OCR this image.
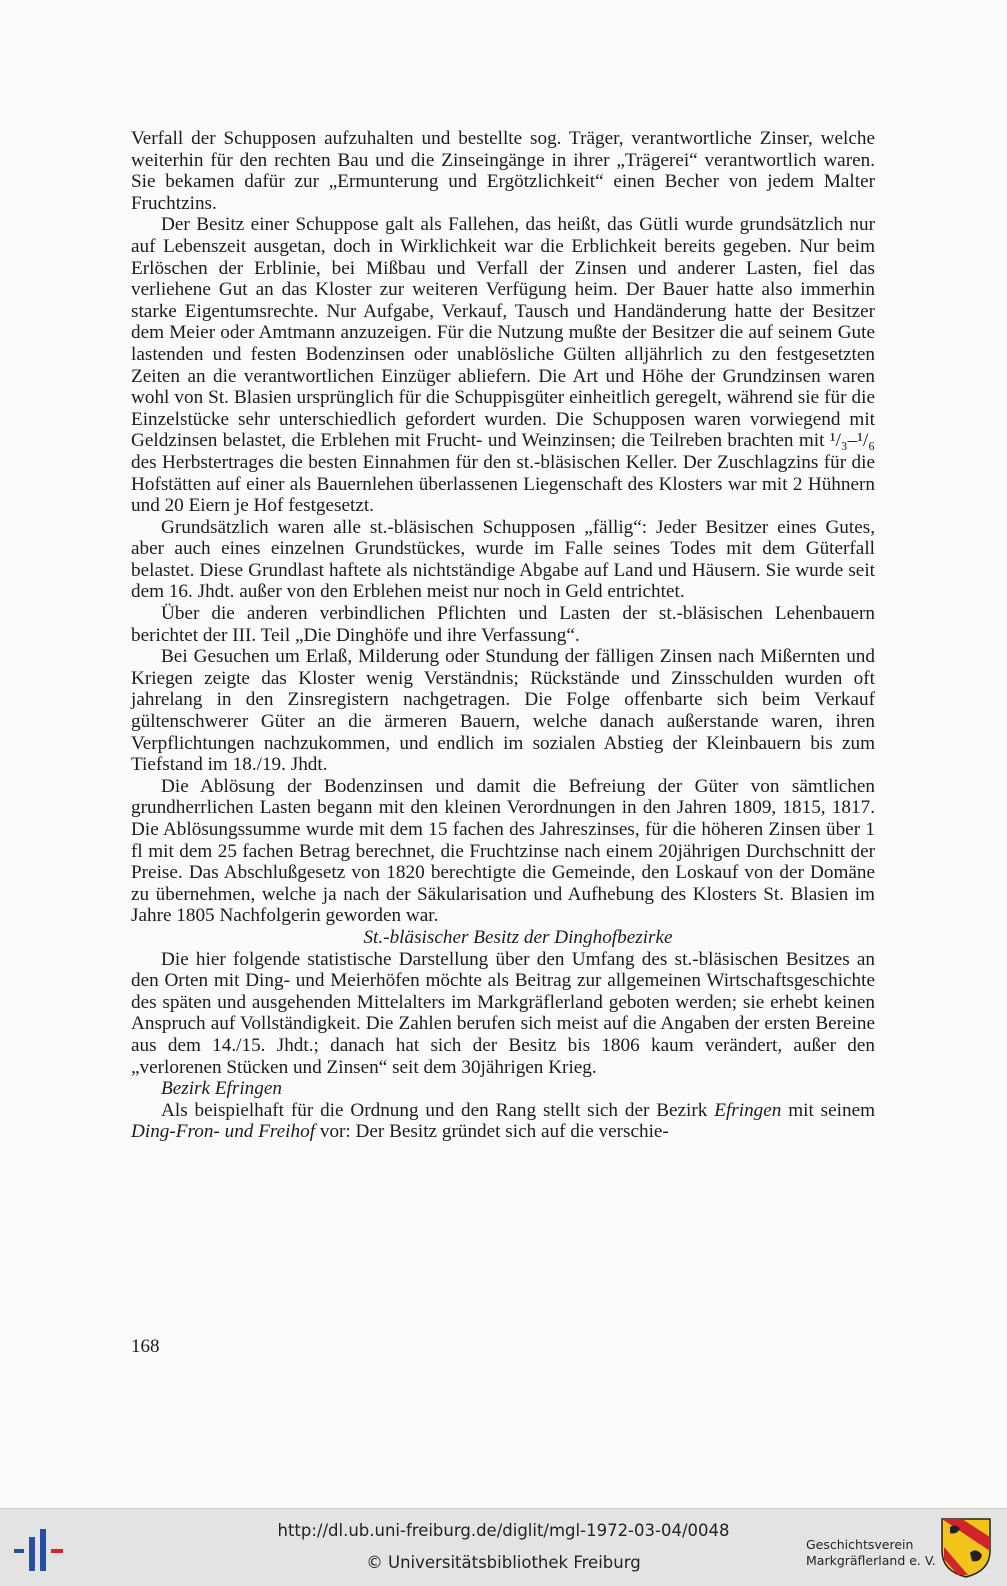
Verfall der Schupposen aufzuhalten und bestellte sog. Träger, verantwortliche Zinser, welche weiterhin für den rechten Bau und die Zinseingänge in ihrer „Trägerei“ verantwortlich waren. Sie bekamen dafür zur „Ermunterung und Ergötzlichkeit“ einen Becher von jedem Malter Fruchtzins.

Der Besitz einer Schuppose galt als Fallehen, das heißt, das Gütli wurde grundsätzlich nur auf Lebenszeit ausgetan, doch in Wirklichkeit war die Erblichkeit bereits gegeben. Nur beim Erlöschen der Erblinie, bei Mißbau und Verfall der Zinsen und anderer Lasten, fiel das verliehene Gut an das Kloster zur weiteren Verfügung heim. Der Bauer hatte also immerhin starke Eigentumsrechte. Nur Aufgabe, Verkauf, Tausch und Handänderung hatte der Besitzer dem Meier oder Amtmann anzuzeigen. Für die Nutzung mußte der Besitzer die auf seinem Gute lastenden und festen Bodenzinsen oder unablösliche Gülten alljährlich zu den festgesetzten Zeiten an die verantwortlichen Einzüger abliefern. Die Art und Höhe der Grundzinsen waren wohl von St. Blasien ursprünglich für die Schuppisgüter einheitlich geregelt, während sie für die Einzelstücke sehr unterschiedlich gefordert wurden. Die Schupposen waren vorwiegend mit Geldzinsen belastet, die Erblehen mit Frucht- und Weinzinsen; die Teilreben brachten mit ¹/₃–¹/₆ des Herbstertrages die besten Einnahmen für den st.-bläsischen Keller. Der Zuschlagzins für die Hofstätten auf einer als Bauernlehen überlassenen Liegenschaft des Klosters war mit 2 Hühnern und 20 Eiern je Hof festgesetzt.

Grundsätzlich waren alle st.-bläsischen Schupposen „fällig“: Jeder Besitzer eines Gutes, aber auch eines einzelnen Grundstückes, wurde im Falle seines Todes mit dem Güterfall belastet. Diese Grundlast haftete als nichtständige Abgabe auf Land und Häusern. Sie wurde seit dem 16. Jhdt. außer von den Erblehen meist nur noch in Geld entrichtet.

Über die anderen verbindlichen Pflichten und Lasten der st.-bläsischen Lehenbauern berichtet der III. Teil „Die Dinghöfe und ihre Verfassung“.

Bei Gesuchen um Erlaß, Milderung oder Stundung der fälligen Zinsen nach Mißernten und Kriegen zeigte das Kloster wenig Verständnis; Rückstände und Zinsschulden wurden oft jahrelang in den Zinsregistern nachgetragen. Die Folge offenbarte sich beim Verkauf gültenschwerer Güter an die ärmeren Bauern, welche danach außerstande waren, ihren Verpflichtungen nachzukommen, und endlich im sozialen Abstieg der Kleinbauern bis zum Tiefstand im 18./19. Jhdt.

Die Ablösung der Bodenzinsen und damit die Befreiung der Güter von sämtlichen grundherrlichen Lasten begann mit den kleinen Verordnungen in den Jahren 1809, 1815, 1817. Die Ablösungssumme wurde mit dem 15 fachen des Jahreszinses, für die höheren Zinsen über 1 fl mit dem 25 fachen Betrag berechnet, die Fruchtzinse nach einem 20jährigen Durchschnitt der Preise. Das Abschlußgesetz von 1820 berechtigte die Gemeinde, den Loskauf von der Domäne zu übernehmen, welche ja nach der Säkularisation und Aufhebung des Klosters St. Blasien im Jahre 1805 Nachfolgerin geworden war.

St.-bläsischer Besitz der Dinghofbezirke

Die hier folgende statistische Darstellung über den Umfang des st.-bläsischen Besitzes an den Orten mit Ding- und Meierhöfen möchte als Beitrag zur allgemeinen Wirtschaftsgeschichte des späten und ausgehenden Mittelalters im Markgräflerland geboten werden; sie erhebt keinen Anspruch auf Vollständigkeit. Die Zahlen berufen sich meist auf die Angaben der ersten Bereine aus dem 14./15. Jhdt.; danach hat sich der Besitz bis 1806 kaum verändert, außer den „verlorenen Stücken und Zinsen“ seit dem 30jährigen Krieg.

Bezirk Efringen

Als beispielhaft für die Ordnung und den Rang stellt sich der Bezirk Efringen mit seinem Ding-Fron- und Freihof vor: Der Besitz gründet sich auf die verschie-

168
http://dl.ub.uni-freiburg.de/diglit/mgl-1972-03-04/0048
© Universitätsbibliothek Freiburg
Geschichtsverein
Markgräflerland e. V.
